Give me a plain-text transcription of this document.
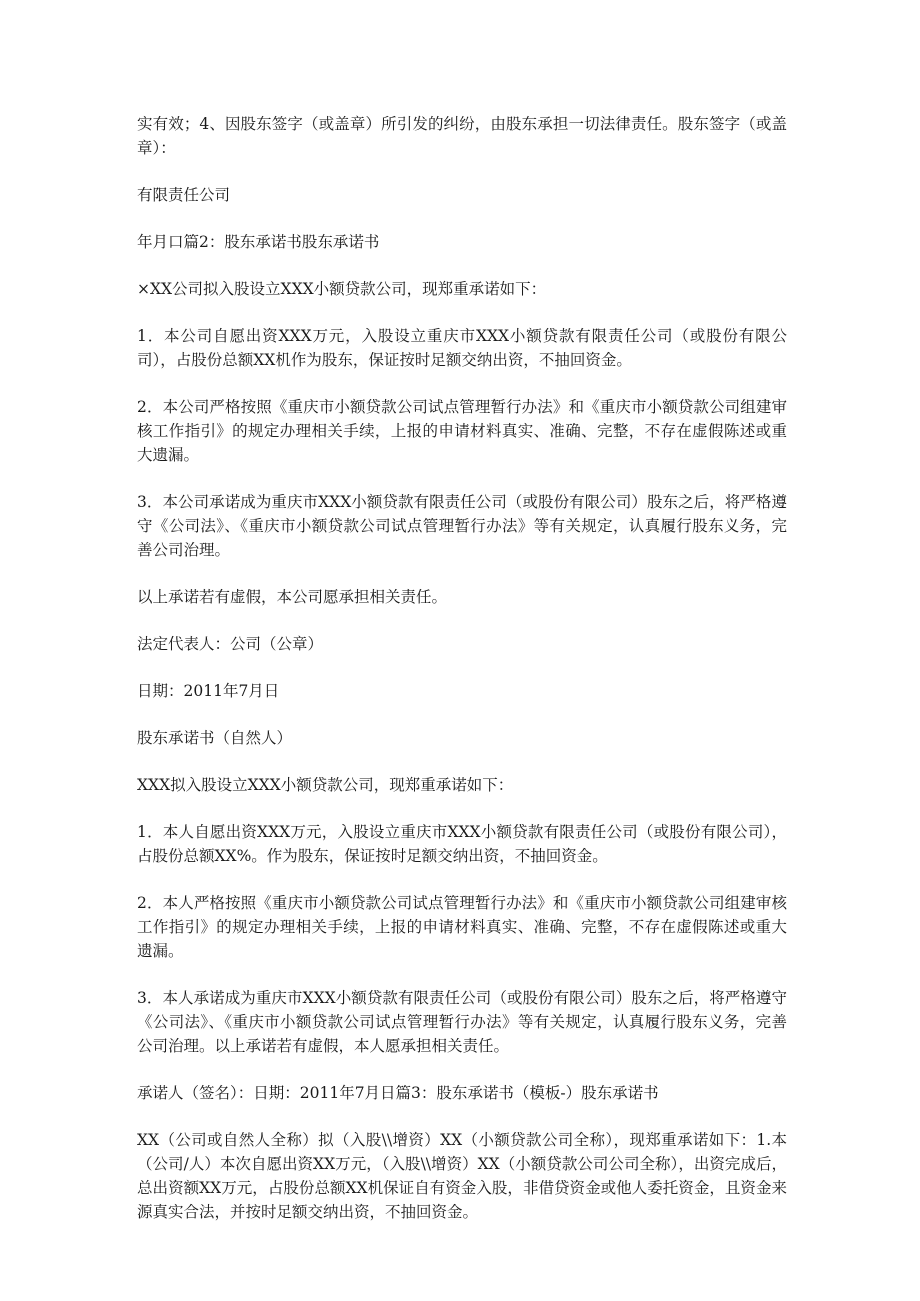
实有效；4、因股东签字（或盖章）所引发的纠纷，由股东承担一切法律责任。股东签字（或盖章）：

有限责任公司

年月口篇2：股东承诺书股东承诺书

×XX公司拟入股设立XXX小额贷款公司，现郑重承诺如下：

1．本公司自愿出资XXX万元，入股设立重庆市XXX小额贷款有限责任公司（或股份有限公司），占股份总额XX机作为股东，保证按时足额交纳出资，不抽回资金。

2．本公司严格按照《重庆市小额贷款公司试点管理暂行办法》和《重庆市小额贷款公司组建审核工作指引》的规定办理相关手续，上报的申请材料真实、准确、完整，不存在虚假陈述或重大遗漏。

3．本公司承诺成为重庆市XXX小额贷款有限责任公司（或股份有限公司）股东之后，将严格遵守《公司法》、《重庆市小额贷款公司试点管理暂行办法》等有关规定，认真履行股东义务，完善公司治理。

以上承诺若有虚假，本公司愿承担相关责任。

法定代表人：公司（公章）

日期：2011年7月日

股东承诺书（自然人）

XXX拟入股设立XXX小额贷款公司，现郑重承诺如下：

1．本人自愿出资XXX万元，入股设立重庆市XXX小额贷款有限责任公司（或股份有限公司），占股份总额XX%。作为股东，保证按时足额交纳出资，不抽回资金。

2．本人严格按照《重庆市小额贷款公司试点管理暂行办法》和《重庆市小额贷款公司组建审核工作指引》的规定办理相关手续，上报的申请材料真实、准确、完整，不存在虚假陈述或重大遗漏。

3．本人承诺成为重庆市XXX小额贷款有限责任公司（或股份有限公司）股东之后，将严格遵守《公司法》、《重庆市小额贷款公司试点管理暂行办法》等有关规定，认真履行股东义务，完善公司治理。以上承诺若有虚假，本人愿承担相关责任。

承诺人（签名）：日期：2011年7月日篇3：股东承诺书（模板-）股东承诺书

XX（公司或自然人全称）拟（入股\\增资）XX（小额贷款公司全称），现郑重承诺如下：1.本（公司/人）本次自愿出资XX万元，（入股\\增资）XX（小额贷款公司公司全称），出资完成后，总出资额XX万元，占股份总额XX机保证自有资金入股，非借贷资金或他人委托资金，且资金来源真实合法，并按时足额交纳出资，不抽回资金。
